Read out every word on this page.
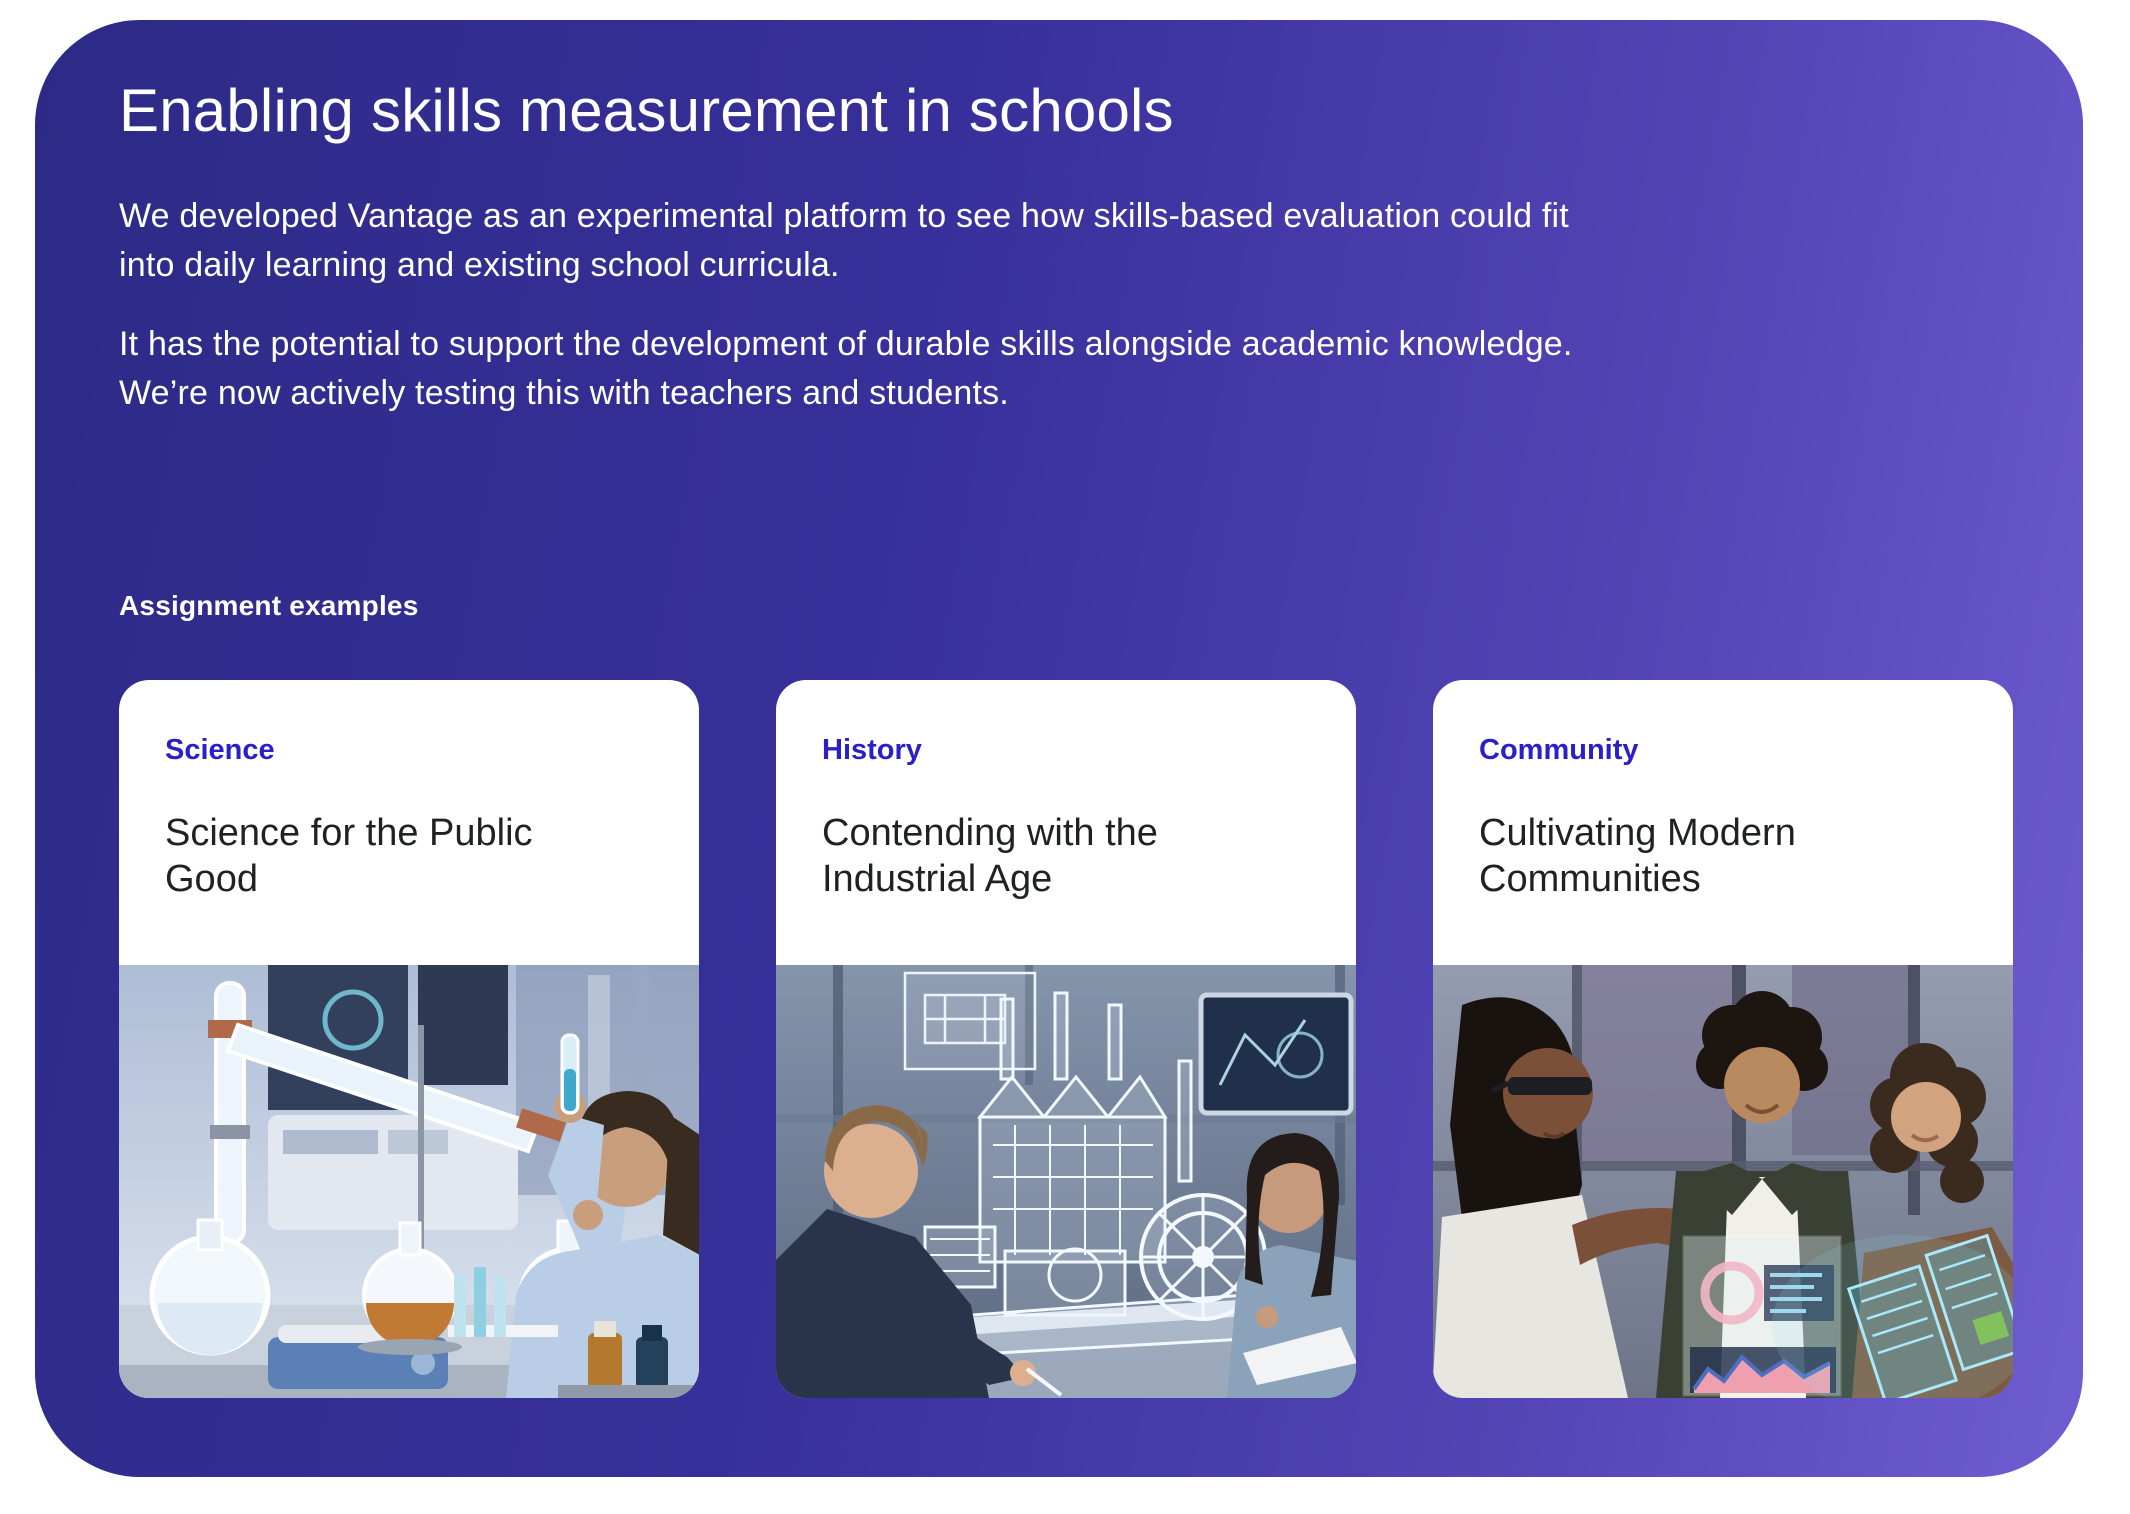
Enabling skills measurement in schools

We developed Vantage as an experimental platform to see how skills-based evaluation could fit into daily learning and existing school curricula.

It has the potential to support the development of durable skills alongside academic knowledge. We’re now actively testing this with teachers and students.

Assignment examples
Science
Science for the Public Good
History
Contending with the Industrial Age
Community
Cultivating Modern Communities
